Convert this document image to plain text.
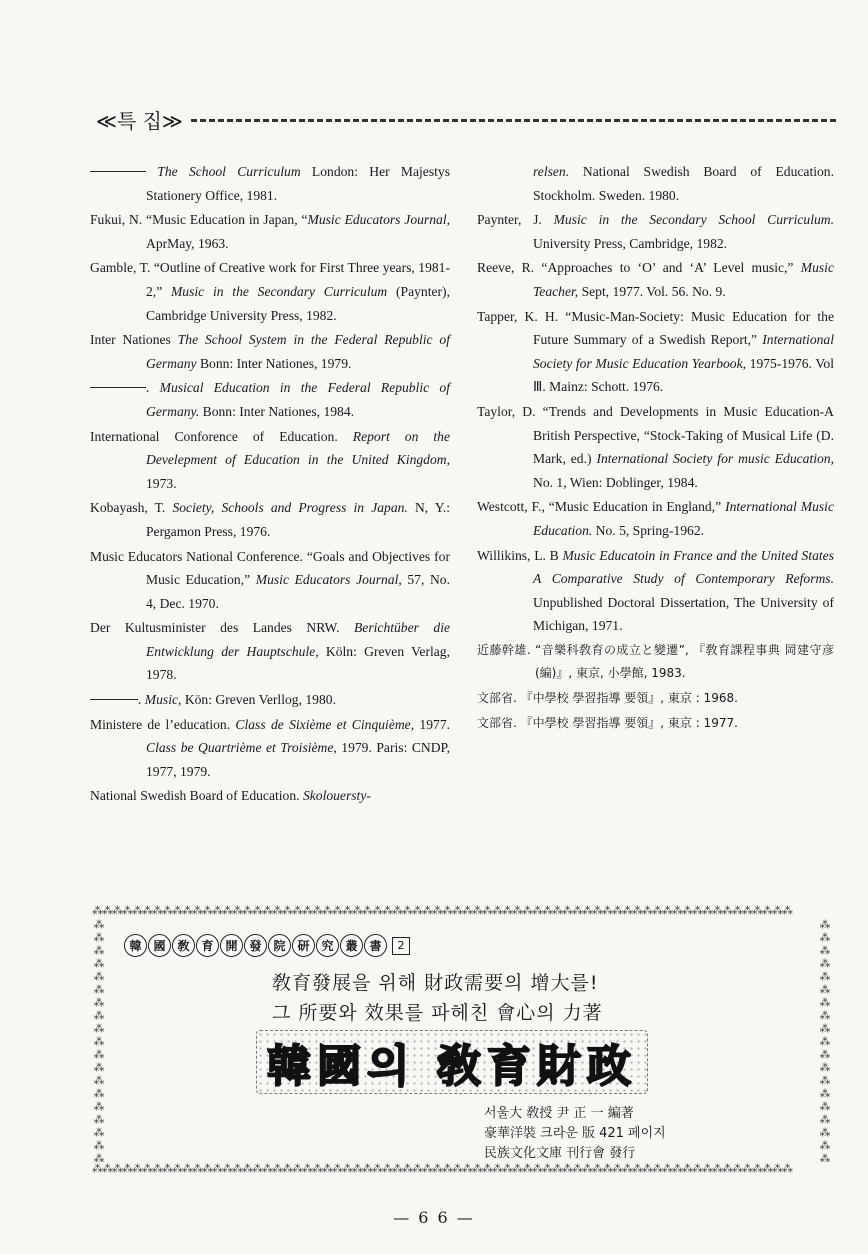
≪특 집≫

The School Curriculum London: Her Majestys Stationery Office, 1981.

Fukui, N. “Music Education in Japan, “Music Educators Journal, AprMay, 1963.

Gamble, T. “Outline of Creative work for First Three years, 1981-2,” Music in the Secondary Curriculum (Paynter), Cambridge University Press, 1982.

Inter Nationes The School System in the Federal Republic of Germany Bonn: Inter Nationes, 1979.

. Musical Education in the Federal Republic of Germany. Bonn: Inter Nationes, 1984.

International Conforence of Education. Report on the Develepment of Education in the United Kingdom, 1973.

Kobayash, T. Society, Schools and Progress in Japan. N, Y.: Pergamon Press, 1976.

Music Educators National Conference. “Goals and Objectives for Music Education,” Music Educators Journal, 57, No. 4, Dec. 1970.

Der Kultusminister des Landes NRW. Berichtüber die Entwicklung der Hauptschule, Köln: Greven Verlag, 1978.

. Music, Kön: Greven Verllog, 1980.

Ministere de l’education. Class de Sixième et Cinquième, 1977. Class be Quartrième et Troisième, 1979. Paris: CNDP, 1977, 1979.

National Swedish Board of Education. Skolouersty-

relsen. National Swedish Board of Education. Stockholm. Sweden. 1980.

Paynter, J. Music in the Secondary School Curriculum. University Press, Cambridge, 1982.

Reeve, R. “Approaches to ‘O’ and ‘A’ Level music,” Music Teacher, Sept, 1977. Vol. 56. No. 9.

Tapper, K. H. “Music-Man-Society: Music Education for the Future Summary of a Swedish Report,” International Society for Music Education Yearbook, 1975-1976. Vol Ⅲ. Mainz: Schott. 1976.

Taylor, D. “Trends and Developments in Music Education-A British Perspective, “Stock-Taking of Musical Life (D. Mark, ed.) International Society for music Education, No. 1, Wien: Doblinger, 1984.

Westcott, F., “Music Education in England,” International Music Education. No. 5, Spring-1962.

Willikins, L. B Music Educatoin in France and the United States A Comparative Study of Contemporary Reforms. Unpublished Doctoral Dissertation, The University of Michigan, 1971.

近藤幹雄. “音樂科敎育の成立と變遷”, 『敎育課程事典 岡建守彦(編)』, 東京, 小學館, 1983.

文部省. 『中學校 學習指導 要領』, 東京 : 1968.

文部省. 『中學校 學習指導 要領』, 東京 : 1977.

⁂⁂⁂⁂⁂⁂⁂⁂⁂⁂⁂⁂⁂⁂⁂⁂⁂⁂⁂⁂⁂⁂⁂⁂⁂⁂⁂⁂⁂⁂⁂⁂⁂⁂⁂⁂⁂⁂⁂⁂⁂⁂⁂⁂⁂⁂⁂⁂⁂⁂⁂⁂⁂⁂⁂⁂⁂⁂⁂⁂⁂⁂⁂⁂⁂⁂⁂⁂⁂⁂
⁂⁂⁂⁂⁂⁂⁂⁂⁂⁂⁂⁂⁂⁂⁂⁂⁂⁂⁂⁂⁂⁂⁂⁂⁂⁂⁂⁂⁂⁂⁂⁂⁂⁂⁂⁂⁂⁂⁂⁂⁂⁂⁂⁂⁂⁂⁂⁂⁂⁂⁂⁂⁂⁂⁂⁂⁂⁂⁂⁂⁂⁂⁂⁂⁂⁂⁂⁂⁂⁂
⁂⁂⁂⁂⁂⁂⁂⁂⁂⁂⁂⁂⁂⁂⁂⁂⁂⁂⁂
⁂⁂⁂⁂⁂⁂⁂⁂⁂⁂⁂⁂⁂⁂⁂⁂⁂⁂⁂
韓 國 敎 育 開 發 院 研 究 叢 書	2
敎育發展을 위해 財政需要의 增大를!
그 所要와 效果를 파헤친 會心의 力著
韓國의 敎育財政
서울大 敎授 尹 正 一 編著
豪華洋裝 크라운 版 421 페이지
民族文化文庫 刊行會 發行
— 6 6 —
